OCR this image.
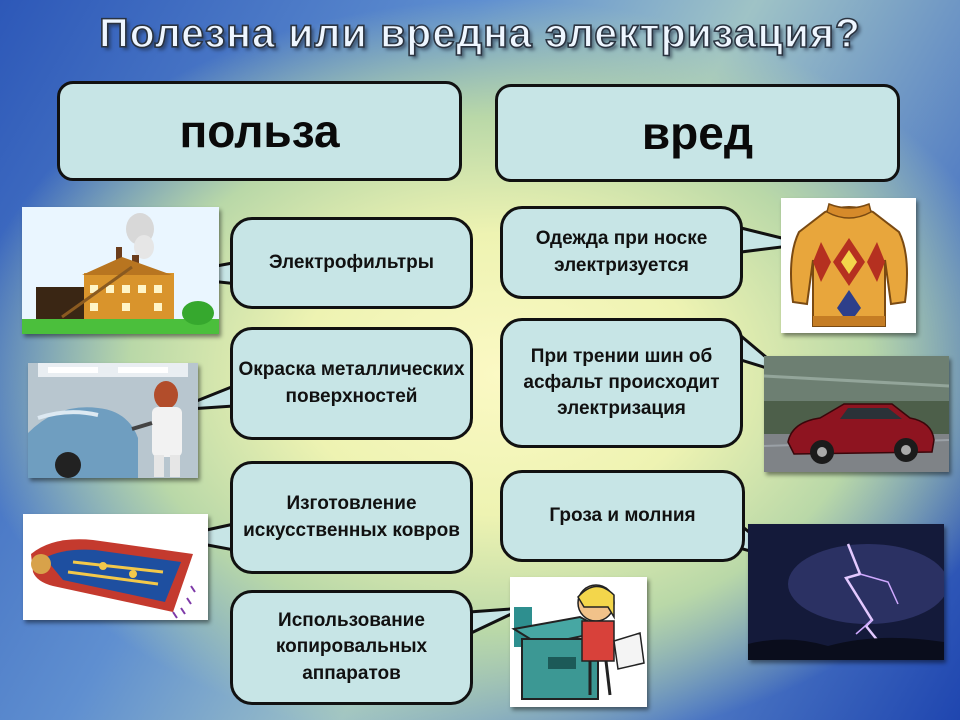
Полезна или вредна электризация?
польза	вред
Электрофильтры
Окраска металлических поверхностей
Изготовление искусственных ковров
Использование копировальных аппаратов
Одежда при носке электризуется
При трении шин об асфальт происходит электризация
Гроза и молния
